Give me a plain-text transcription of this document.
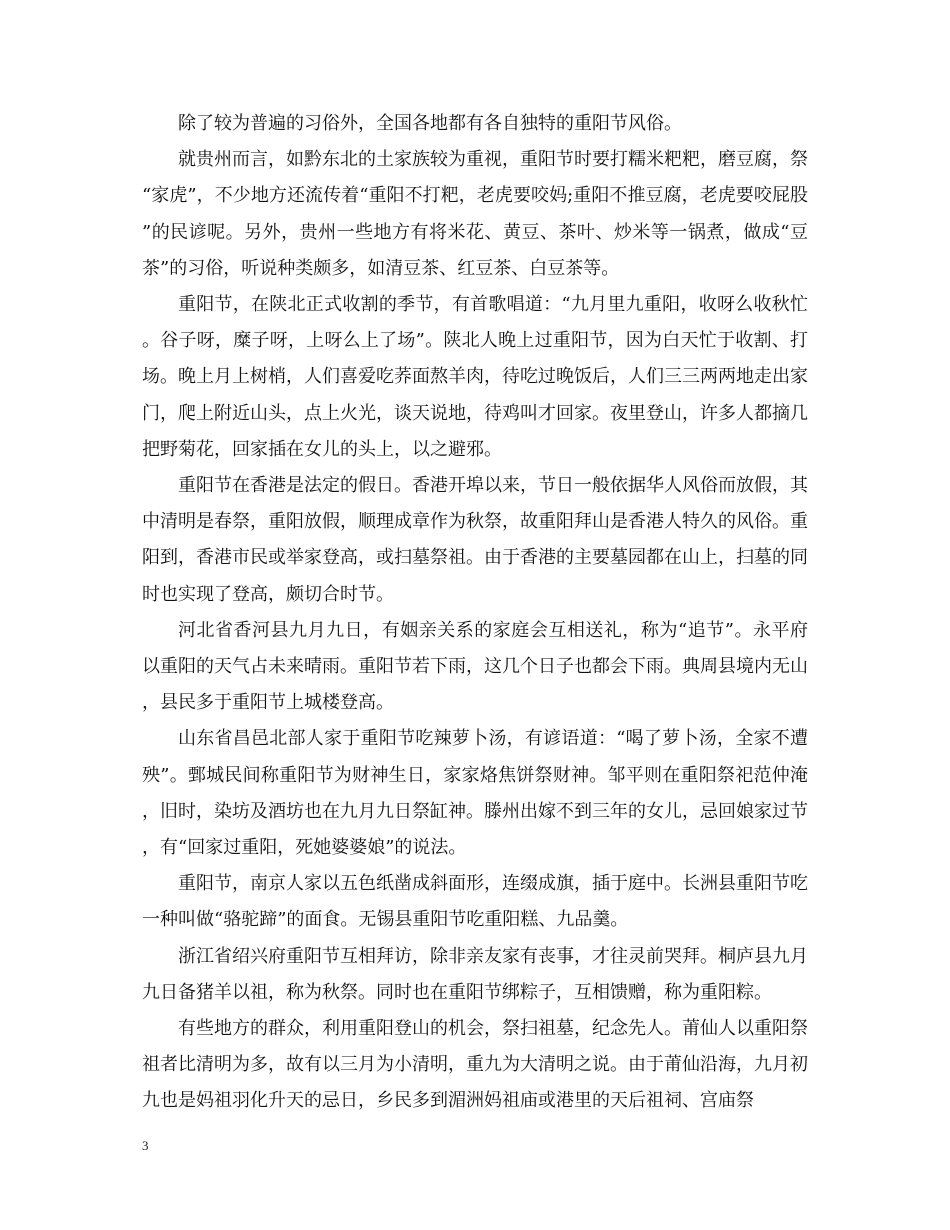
除了较为普遍的习俗外，全国各地都有各自独特的重阳节风俗。

就贵州而言，如黔东北的土家族较为重视，重阳节时要打糯米粑粑，磨豆腐，祭“家虎”，不少地方还流传着“重阳不打粑，老虎要咬妈;重阳不推豆腐，老虎要咬屁股”的民谚呢。另外，贵州一些地方有将米花、黄豆、茶叶、炒米等一锅煮，做成“豆茶”的习俗，听说种类颇多，如清豆茶、红豆茶、白豆茶等。

重阳节，在陕北正式收割的季节，有首歌唱道：“九月里九重阳，收呀么收秋忙。谷子呀，糜子呀，上呀么上了场”。陕北人晚上过重阳节，因为白天忙于收割、打场。晚上月上树梢，人们喜爱吃荞面熬羊肉，待吃过晚饭后，人们三三两两地走出家门，爬上附近山头，点上火光，谈天说地，待鸡叫才回家。夜里登山，许多人都摘几把野菊花，回家插在女儿的头上，以之避邪。

重阳节在香港是法定的假日。香港开埠以来，节日一般依据华人风俗而放假，其中清明是春祭，重阳放假，顺理成章作为秋祭，故重阳拜山是香港人特久的风俗。重阳到，香港市民或举家登高，或扫墓祭祖。由于香港的主要墓园都在山上，扫墓的同时也实现了登高，颇切合时节。

河北省香河县九月九日，有姻亲关系的家庭会互相送礼，称为“追节”。永平府以重阳的天气占未来晴雨。重阳节若下雨，这几个日子也都会下雨。典周县境内无山，县民多于重阳节上城楼登高。

山东省昌邑北部人家于重阳节吃辣萝卜汤，有谚语道：“喝了萝卜汤，全家不遭殃”。鄄城民间称重阳节为财神生日，家家烙焦饼祭财神。邹平则在重阳祭祀范仲淹，旧时，染坊及酒坊也在九月九日祭缸神。滕州出嫁不到三年的女儿，忌回娘家过节，有“回家过重阳，死她婆婆娘”的说法。

重阳节，南京人家以五色纸凿成斜面形，连缀成旗，插于庭中。长洲县重阳节吃一种叫做“骆驼蹄”的面食。无锡县重阳节吃重阳糕、九品羹。

浙江省绍兴府重阳节互相拜访，除非亲友家有丧事，才往灵前哭拜。桐庐县九月九日备猪羊以祖，称为秋祭。同时也在重阳节绑粽子，互相馈赠，称为重阳粽。

有些地方的群众，利用重阳登山的机会，祭扫祖墓，纪念先人。莆仙人以重阳祭祖者比清明为多，故有以三月为小清明，重九为大清明之说。由于莆仙沿海，九月初九也是妈祖羽化升天的忌日，乡民多到湄洲妈祖庙或港里的天后祖祠、宫庙祭

3
